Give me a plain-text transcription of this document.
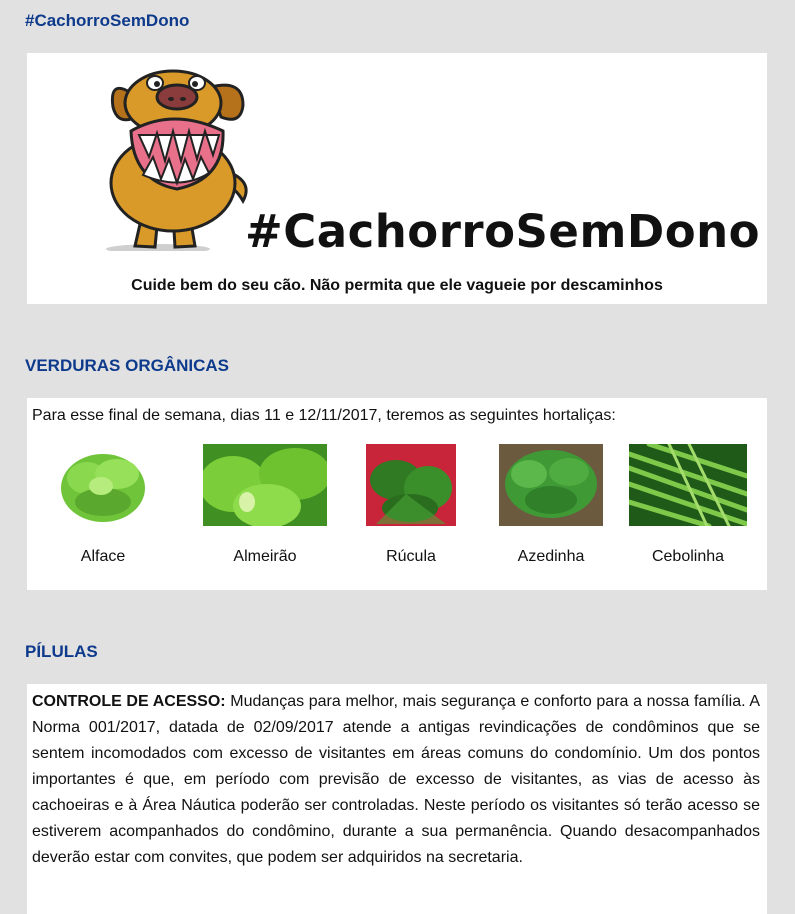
#CachorroSemDono
#CachorroSemDono
Cuide bem do seu cão. Não permita que ele vagueie por descaminhos
VERDURAS ORGÂNICAS

Para esse final de semana, dias 11 e 12/11/2017, teremos as seguintes hortaliças:

Alface	Almeirão	Rúcula	Azedinha	Cebolinha
PÍLULAS

CONTROLE DE ACESSO: Mudanças para melhor, mais segurança e conforto para a nossa família. A Norma 001/2017, datada de 02/09/2017 atende a antigas revindicações de condôminos que se sentem incomodados com excesso de visitantes em áreas comuns do condomínio. Um dos pontos importantes é que, em período com previsão de excesso de visitantes, as vias de acesso às cachoeiras e à Área Náutica poderão ser controladas. Neste período os visitantes só terão acesso se estiverem acompanhados do condômino, durante a sua permanência. Quando desacompanhados deverão estar com convites, que podem ser adquiridos na secretaria.
